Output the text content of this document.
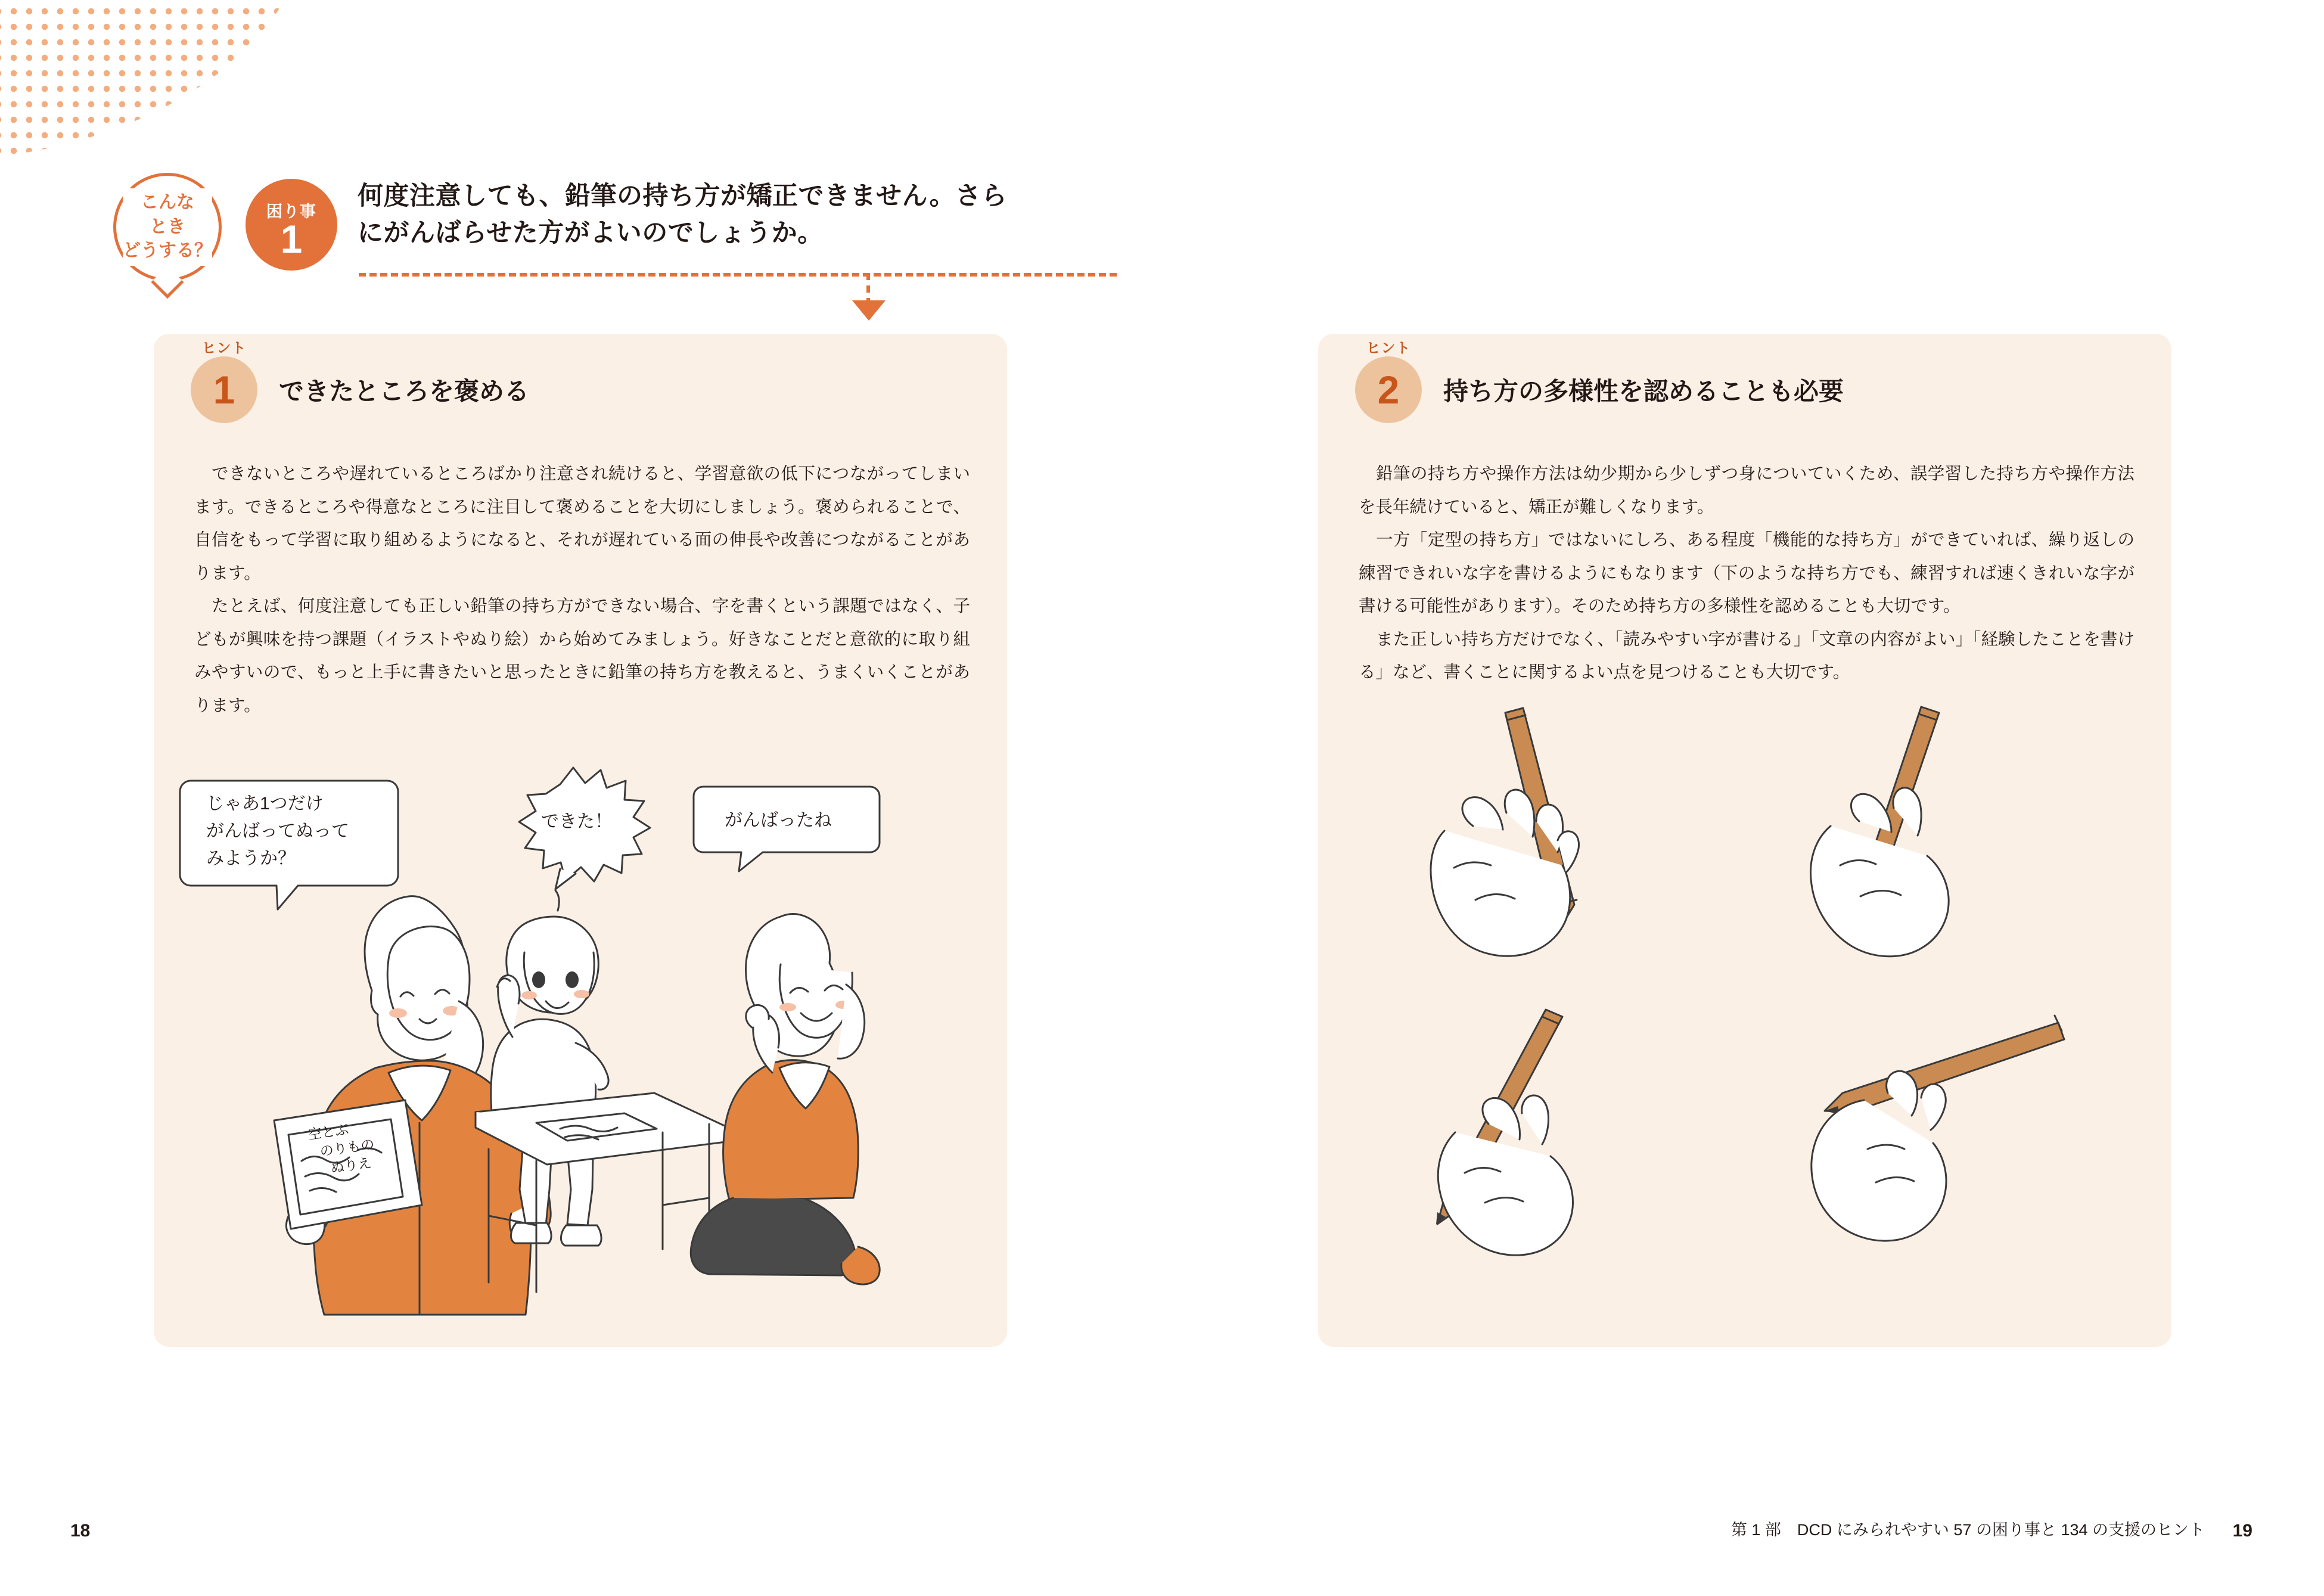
こんな
とき
どうする？
困り事
1
何度注意しても、鉛筆の持ち方が矯正できません。さらにがんばらせた方がよいのでしょうか。
ヒント
1 できたところを褒める

できないところや遅れているところばかり注意され続けると、学習意欲の低下につながってしまいます。できるところや得意なところに注目して褒めることを大切にしましょう。褒められることで、自信をもって学習に取り組めるようになると、それが遅れている面の伸長や改善につながることがあります。

たとえば、何度注意しても正しい鉛筆の持ち方ができない場合、字を書くという課題ではなく、子どもが興味を持つ課題（イラストやぬり絵）から始めてみましょう。好きなことだと意欲的に取り組みやすいので、もっと上手に書きたいと思ったときに鉛筆の持ち方を教えると、うまくいくことがあります。

じゃあ1つだけ
がんばってぬって
みようか？
できた！	がんばったね
空とぶ
のりもの
ぬりえ
ヒント
2 持ち方の多様性を認めることも必要

鉛筆の持ち方や操作方法は幼少期から少しずつ身についていくため、誤学習した持ち方や操作方法を長年続けていると、矯正が難しくなります。

一方「定型の持ち方」ではないにしろ、ある程度「機能的な持ち方」ができていれば、繰り返しの練習できれいな字を書けるようにもなります（下のような持ち方でも、練習すれば速くきれいな字が書ける可能性があります）。そのため持ち方の多様性を認めることも大切です。

また正しい持ち方だけでなく、「読みやすい字が書ける」「文章の内容がよい」「経験したことを書ける」など、書くことに関するよい点を見つけることも大切です。

18	第 1 部　DCD にみられやすい 57 の困り事と 134 の支援のヒント 19
